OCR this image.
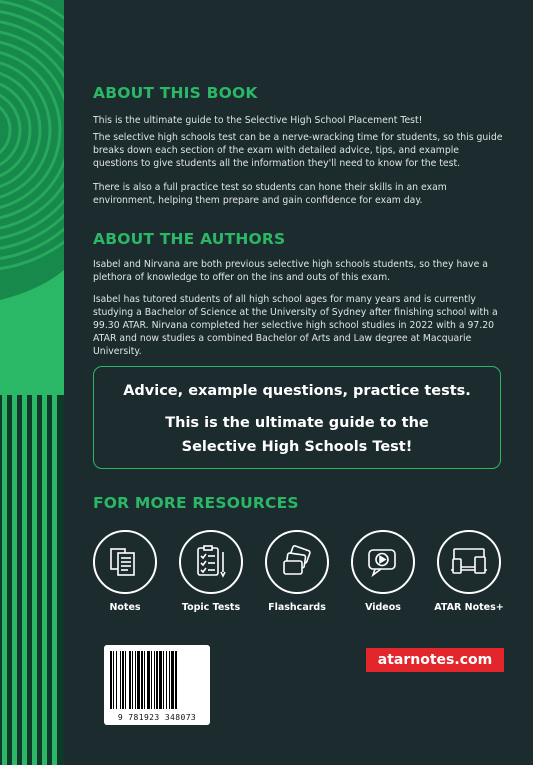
ABOUT THIS BOOK

This is the ultimate guide to the Selective High School Placement Test!

The selective high schools test can be a nerve-wracking time for students, so this guide breaks down each section of the exam with detailed advice, tips, and example questions to give students all the information they'll need to know for the test.

There is also a full practice test so students can hone their skills in an exam environment, helping them prepare and gain confidence for exam day.

ABOUT THE AUTHORS

Isabel and Nirvana are both previous selective high schools students, so they have a plethora of knowledge to offer on the ins and outs of this exam.

Isabel has tutored students of all high school ages for many years and is currently studying a Bachelor of Science at the University of Sydney after finishing school with a 99.30 ATAR. Nirvana completed her selective high school studies in 2022 with a 97.20 ATAR and now studies a combined Bachelor of Arts and Law degree at Macquarie University.

Advice, example questions, practice tests.
This is the ultimate guide to the
Selective High Schools Test!
FOR MORE RESOURCES
Notes	Topic Tests	Flashcards	Videos	ATAR Notes+
9 781923 348073
atarnotes.com
